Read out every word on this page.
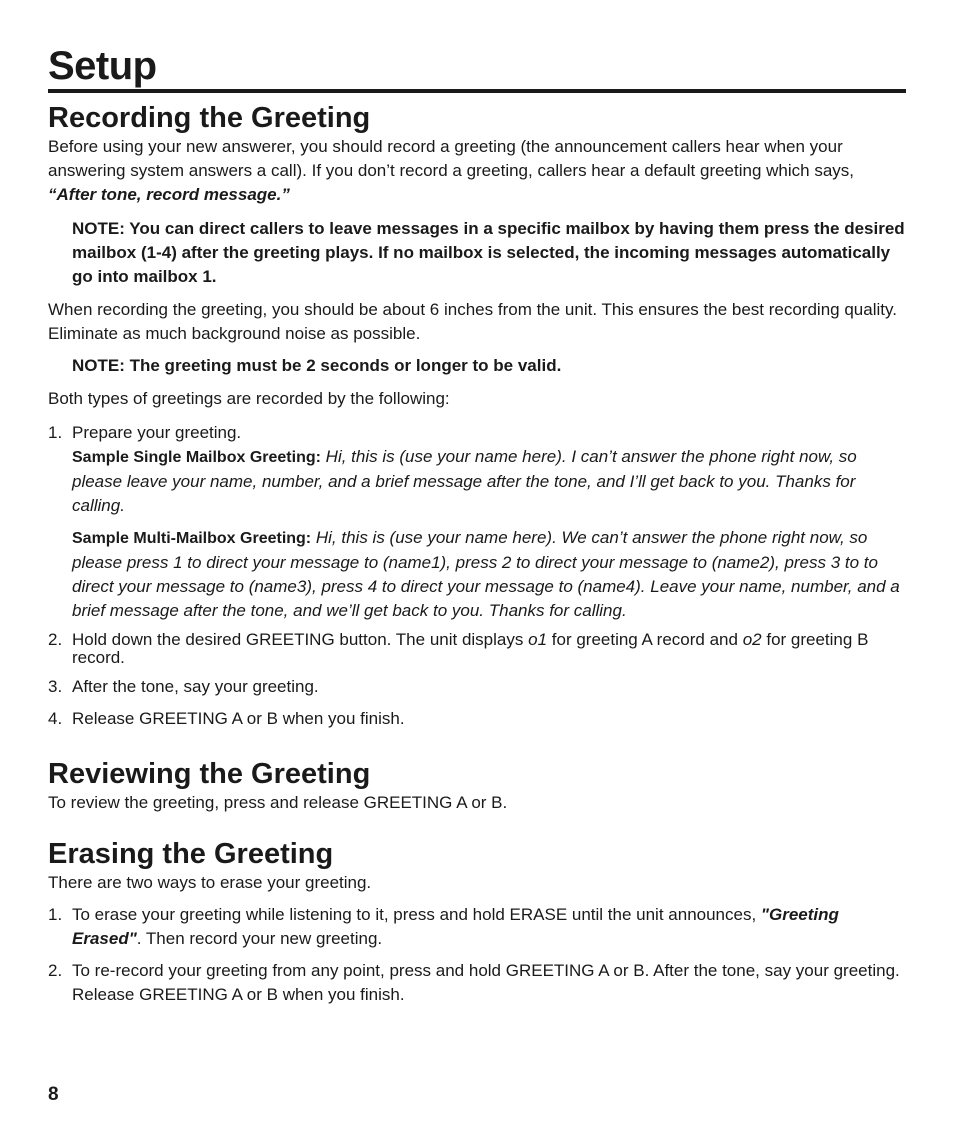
Setup
Recording the Greeting

Before using your new answerer, you should record a greeting (the announcement callers hear when your answering system answers a call). If you don’t record a greeting, callers hear a default greeting which says,
“After tone, record message.”

NOTE: You can direct callers to leave messages in a specific mailbox by having them press the desired mailbox (1-4) after the greeting plays. If no mailbox is selected, the incoming messages automatically go into mailbox 1.

When recording the greeting, you should be about 6 inches from the unit. This ensures the best recording quality. Eliminate as much background noise as possible.

NOTE: The greeting must be 2 seconds or longer to be valid.

Both types of greetings are recorded by the following:

1. Prepare your greeting.
Sample Single Mailbox Greeting: Hi, this is (use your name here). I can’t answer the phone right now, so please leave your name, number, and a brief message after the tone, and I’ll get back to you. Thanks for calling.
Sample Multi-Mailbox Greeting: Hi, this is (use your name here). We can’t answer the phone right now, so please press 1 to direct your message to (name1), press 2 to direct your message to (name2), press 3 to to direct your message to (name3), press 4 to direct your message to (name4). Leave your name, number, and a brief message after the tone, and we’ll get back to you. Thanks for calling.
2. Hold down the desired GREETING button. The unit displays o1 for greeting A record and o2 for greeting B record.
3. After the tone, say your greeting.
4. Release GREETING A or B when you finish.
Reviewing the Greeting

To review the greeting, press and release GREETING A or B.

Erasing the Greeting

There are two ways to erase your greeting.

1. To erase your greeting while listening to it, press and hold ERASE until the unit announces, "Greeting Erased". Then record your new greeting.
2. To re-record your greeting from any point, press and hold GREETING A or B. After the tone, say your greeting. Release GREETING A or B when you finish.
8
